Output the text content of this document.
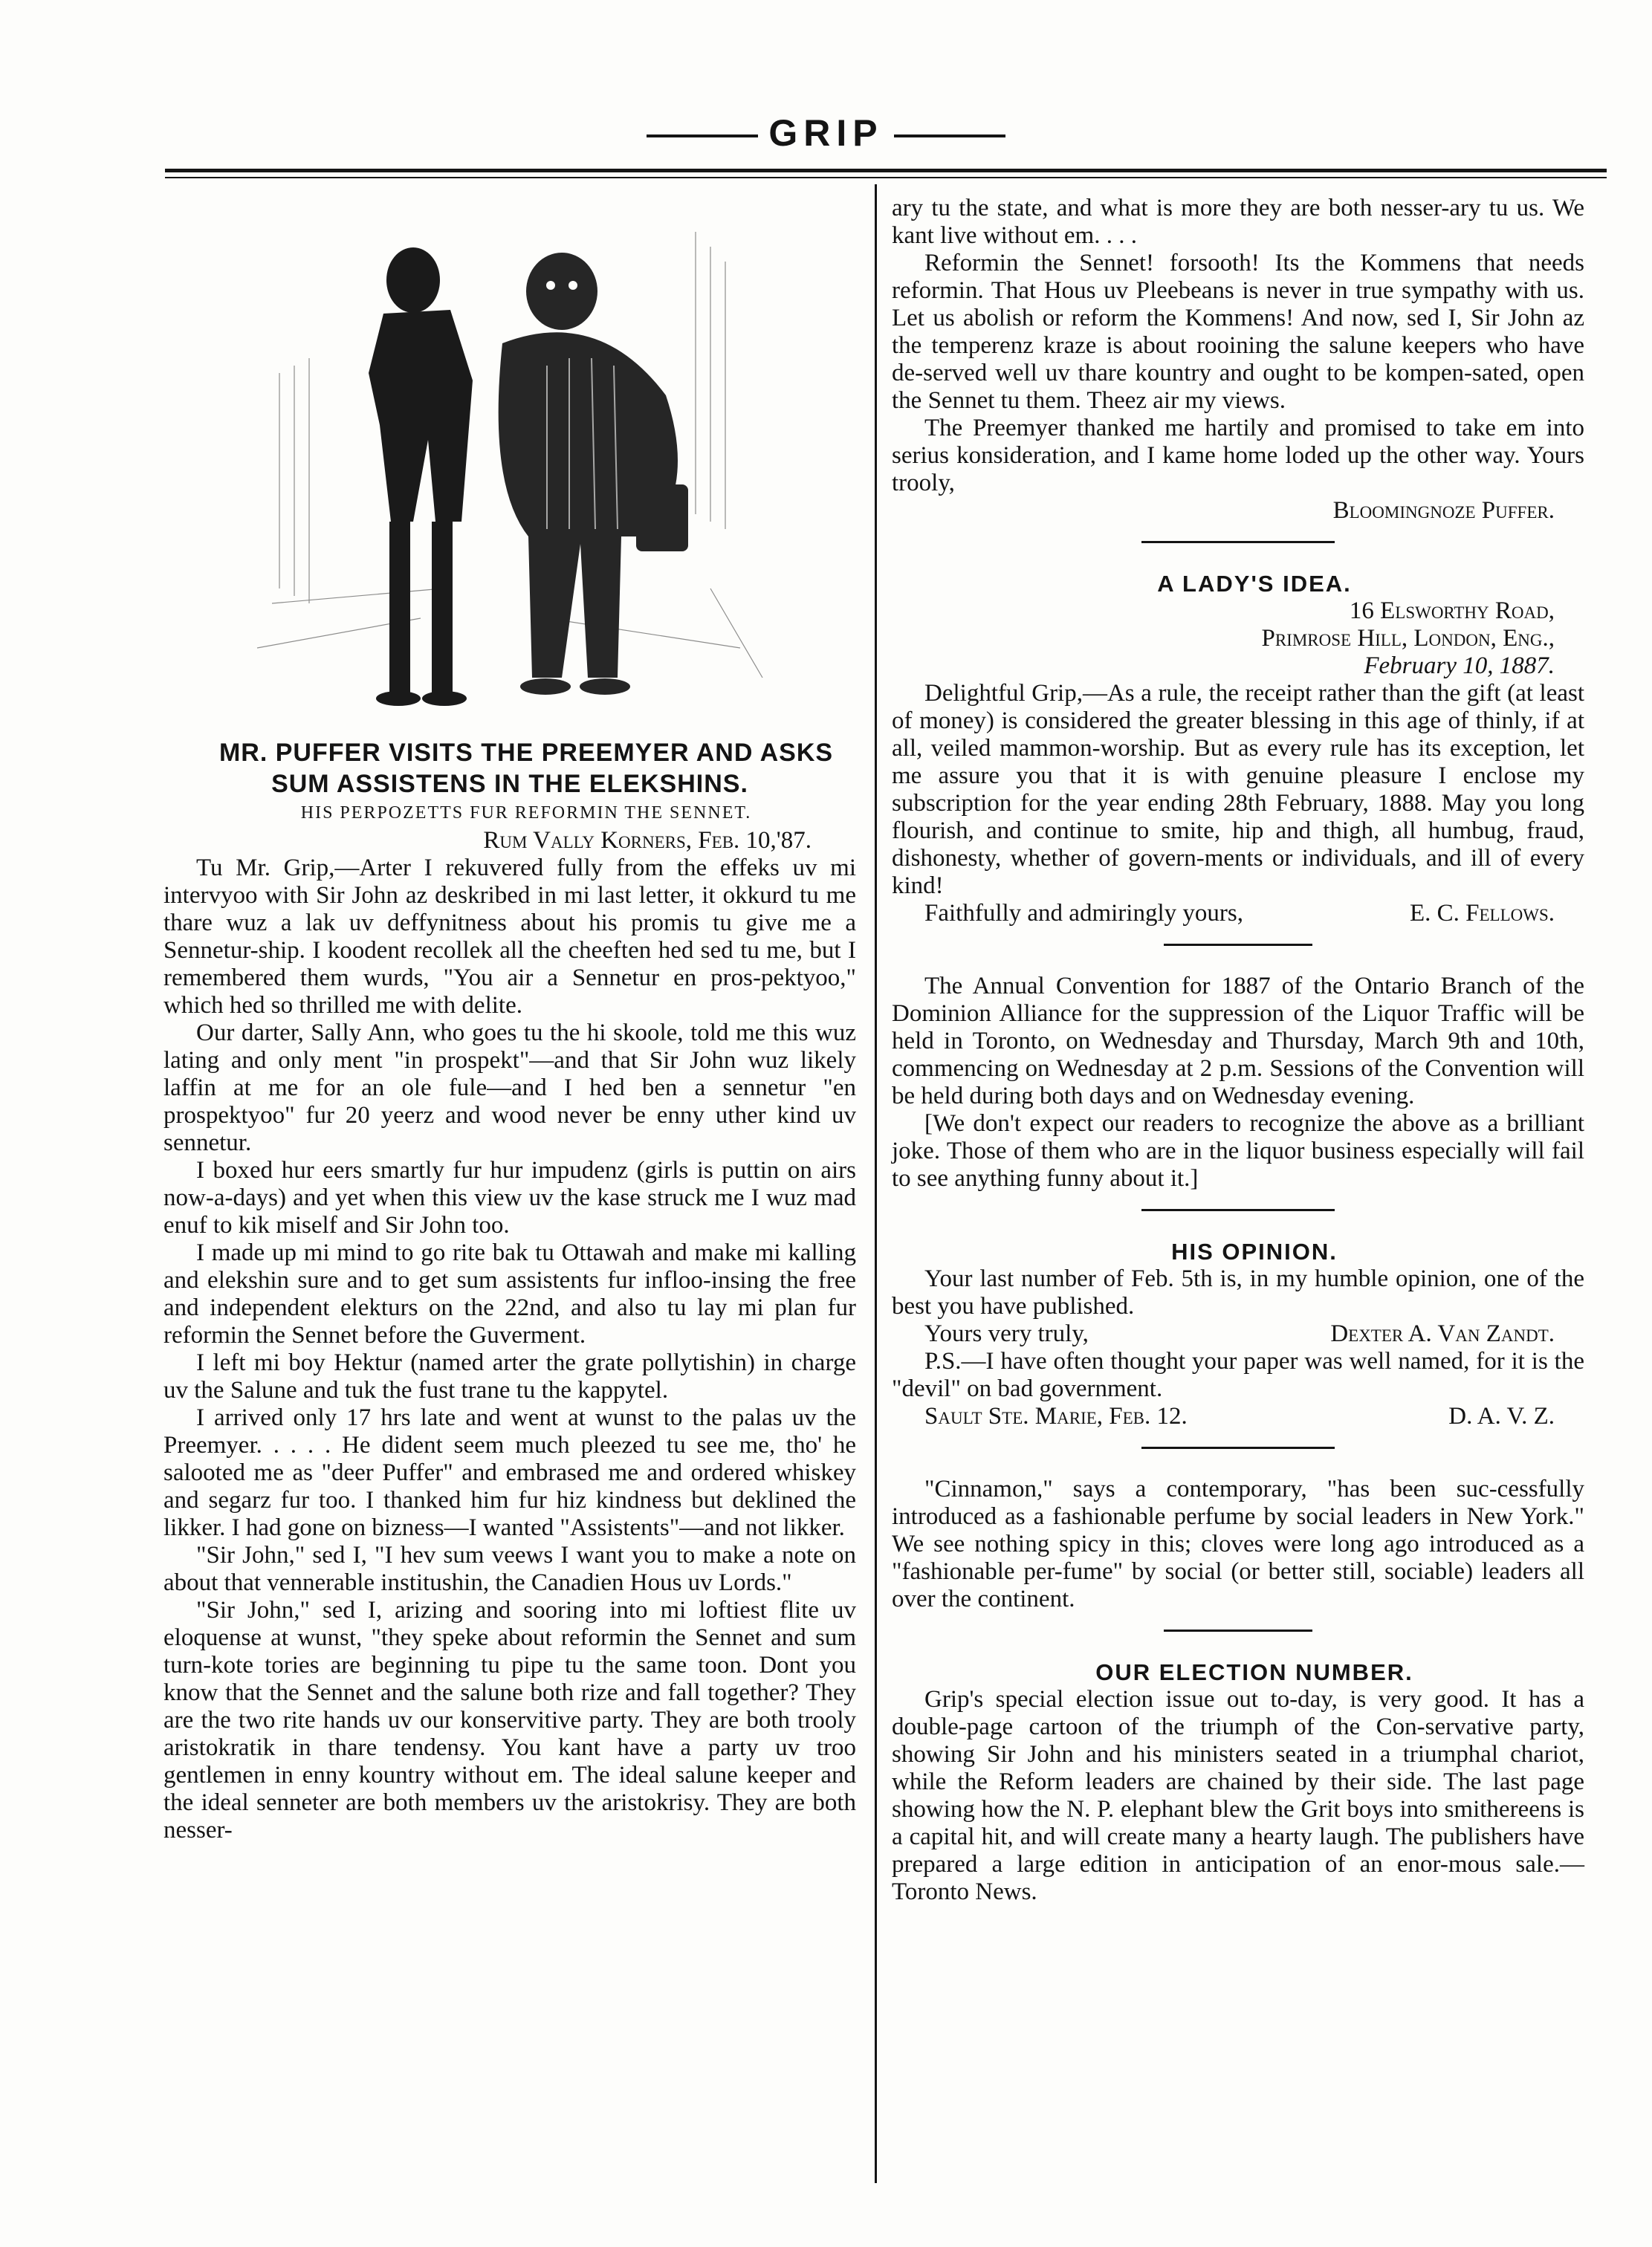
GRIP

MR. PUFFER VISITS THE PREEMYER AND ASKS SUM ASSISTENS IN THE ELEKSHINS.

HIS PERPOZETTS FUR REFORMIN THE SENNET.

Rum Vally Korners, Feb. 10,'87.

Tu Mr. Grip,—Arter I rekuvered fully from the effeks uv mi intervyoo with Sir John az deskribed in mi last letter, it okkurd tu me thare wuz a lak uv deffynitness about his promis tu give me a Sennetur-ship. I koodent recollek all the cheeften hed sed tu me, but I remembered them wurds, "You air a Sennetur en pros-pektyoo," which hed so thrilled me with delite.

Our darter, Sally Ann, who goes tu the hi skoole, told me this wuz lating and only ment "in prospekt"—and that Sir John wuz likely laffin at me for an ole fule—and I hed ben a sennetur "en prospektyoo" fur 20 yeerz and wood never be enny uther kind uv sennetur.

I boxed hur eers smartly fur hur impudenz (girls is puttin on airs now-a-days) and yet when this view uv the kase struck me I wuz mad enuf to kik miself and Sir John too.

I made up mi mind to go rite bak tu Ottawah and make mi kalling and elekshin sure and to get sum assistents fur infloo-insing the free and independent elekturs on the 22nd, and also tu lay mi plan fur reformin the Sennet before the Guverment.

I left mi boy Hektur (named arter the grate pollytishin) in charge uv the Salune and tuk the fust trane tu the kappytel.

I arrived only 17 hrs late and went at wunst to the palas uv the Preemyer. . . . . He dident seem much pleezed tu see me, tho' he salooted me as "deer Puffer" and embrased me and ordered whiskey and segarz fur too. I thanked him fur hiz kindness but deklined the likker. I had gone on bizness—I wanted "Assistents"—and not likker.

"Sir John," sed I, "I hev sum veews I want you to make a note on about that vennerable institushin, the Canadien Hous uv Lords."

"Sir John," sed I, arizing and sooring into mi loftiest flite uv eloquense at wunst, "they speke about reformin the Sennet and sum turn-kote tories are beginning tu pipe tu the same toon. Dont you know that the Sennet and the salune both rize and fall together? They are the two rite hands uv our konservitive party. They are both trooly aristokratik in thare tendensy. You kant have a party uv troo gentlemen in enny kountry without em. The ideal salune keeper and the ideal senneter are both members uv the aristokrisy. They are both nesser-

ary tu the state, and what is more they are both nesser-ary tu us. We kant live without em. . . .

Reformin the Sennet! forsooth! Its the Kommens that needs reformin. That Hous uv Pleebeans is never in true sympathy with us. Let us abolish or reform the Kommens! And now, sed I, Sir John az the temperenz kraze is about rooining the salune keepers who have de-served well uv thare kountry and ought to be kompen-sated, open the Sennet tu them. Theez air my views.

The Preemyer thanked me hartily and promised to take em into serius konsideration, and I kame home loded up the other way. Yours trooly,

Bloomingnoze Puffer.

A LADY'S IDEA.

16 Elsworthy Road,
Primrose Hill, London, Eng.,
February 10, 1887.

Delightful Grip,—As a rule, the receipt rather than the gift (at least of money) is considered the greater blessing in this age of thinly, if at all, veiled mammon-worship. But as every rule has its exception, let me assure you that it is with genuine pleasure I enclose my subscription for the year ending 28th February, 1888. May you long flourish, and continue to smite, hip and thigh, all humbug, fraud, dishonesty, whether of govern-ments or individuals, and ill of every kind!

Faithfully and admiringly yours,	E. C. Fellows.

The Annual Convention for 1887 of the Ontario Branch of the Dominion Alliance for the suppression of the Liquor Traffic will be held in Toronto, on Wednesday and Thursday, March 9th and 10th, commencing on Wednesday at 2 p.m. Sessions of the Convention will be held during both days and on Wednesday evening.

[We don't expect our readers to recognize the above as a brilliant joke. Those of them who are in the liquor business especially will fail to see anything funny about it.]

HIS OPINION.

Your last number of Feb. 5th is, in my humble opinion, one of the best you have published.

Yours very truly,	Dexter A. Van Zandt.

P.S.—I have often thought your paper was well named, for it is the "devil" on bad government.

Sault Ste. Marie, Feb. 12.	D. A. V. Z.

"Cinnamon," says a contemporary, "has been suc-cessfully introduced as a fashionable perfume by social leaders in New York." We see nothing spicy in this; cloves were long ago introduced as a "fashionable per-fume" by social (or better still, sociable) leaders all over the continent.

OUR ELECTION NUMBER.

Grip's special election issue out to-day, is very good. It has a double-page cartoon of the triumph of the Con-servative party, showing Sir John and his ministers seated in a triumphal chariot, while the Reform leaders are chained by their side. The last page showing how the N. P. elephant blew the Grit boys into smithereens is a capital hit, and will create many a hearty laugh. The publishers have prepared a large edition in anticipation of an enor-mous sale.—Toronto News.
